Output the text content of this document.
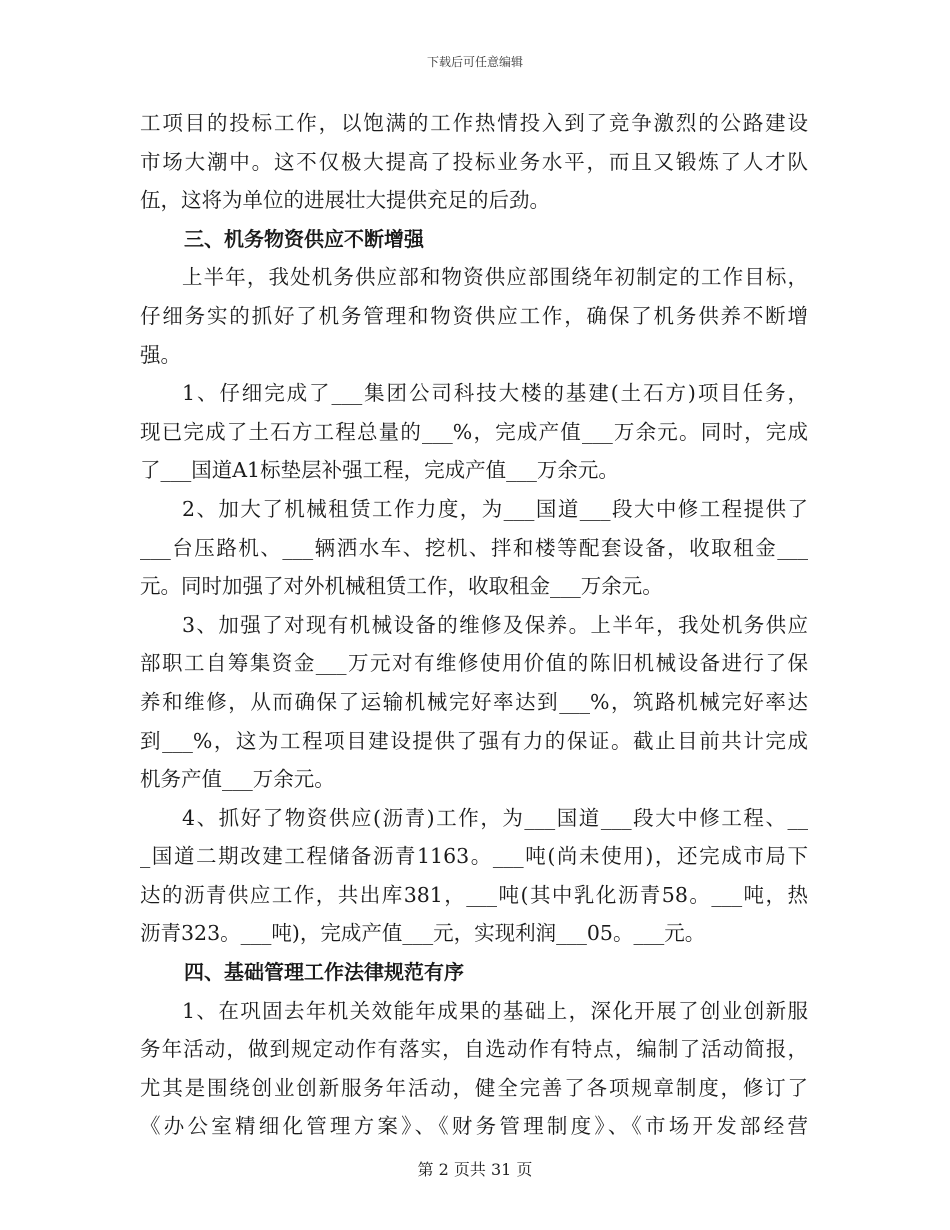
下载后可任意编辑
工项目的投标工作，以饱满的工作热情投入到了竞争激烈的公路建设
市场大潮中。这不仅极大提高了投标业务水平，而且又锻炼了人才队
伍，这将为单位的进展壮大提供充足的后劲。
三、机务物资供应不断增强
上半年，我处机务供应部和物资供应部围绕年初制定的工作目标，
仔细务实的抓好了机务管理和物资供应工作，确保了机务供养不断增
强。
1、仔细完成了___集团公司科技大楼的基建(土石方)项目任务，
现已完成了土石方工程总量的___%，完成产值___万余元。同时，完成
了___国道A1标垫层补强工程，完成产值___万余元。
2、加大了机械租赁工作力度，为___国道___段大中修工程提供了
___台压路机、___辆洒水车、挖机、拌和楼等配套设备，收取租金___
元。同时加强了对外机械租赁工作，收取租金___万余元。
3、加强了对现有机械设备的维修及保养。上半年，我处机务供应
部职工自筹集资金___万元对有维修使用价值的陈旧机械设备进行了保
养和维修，从而确保了运输机械完好率达到___%，筑路机械完好率达
到___%，这为工程项目建设提供了强有力的保证。截止目前共计完成
机务产值___万余元。
4、抓好了物资供应(沥青)工作，为___国道___段大中修工程、__
_国道二期改建工程储备沥青1163。___吨(尚未使用)，还完成市局下
达的沥青供应工作，共出库381，___吨(其中乳化沥青58。___吨，热
沥青323。___吨)，完成产值___元，实现利润___05。___元。
四、基础管理工作法律规范有序
1、在巩固去年机关效能年成果的基础上，深化开展了创业创新服
务年活动，做到规定动作有落实，自选动作有特点，编制了活动简报，
尤其是围绕创业创新服务年活动，健全完善了各项规章制度，修订了
《办公室精细化管理方案》、《财务管理制度》、《市场开发部经营
第 2 页共 31 页
